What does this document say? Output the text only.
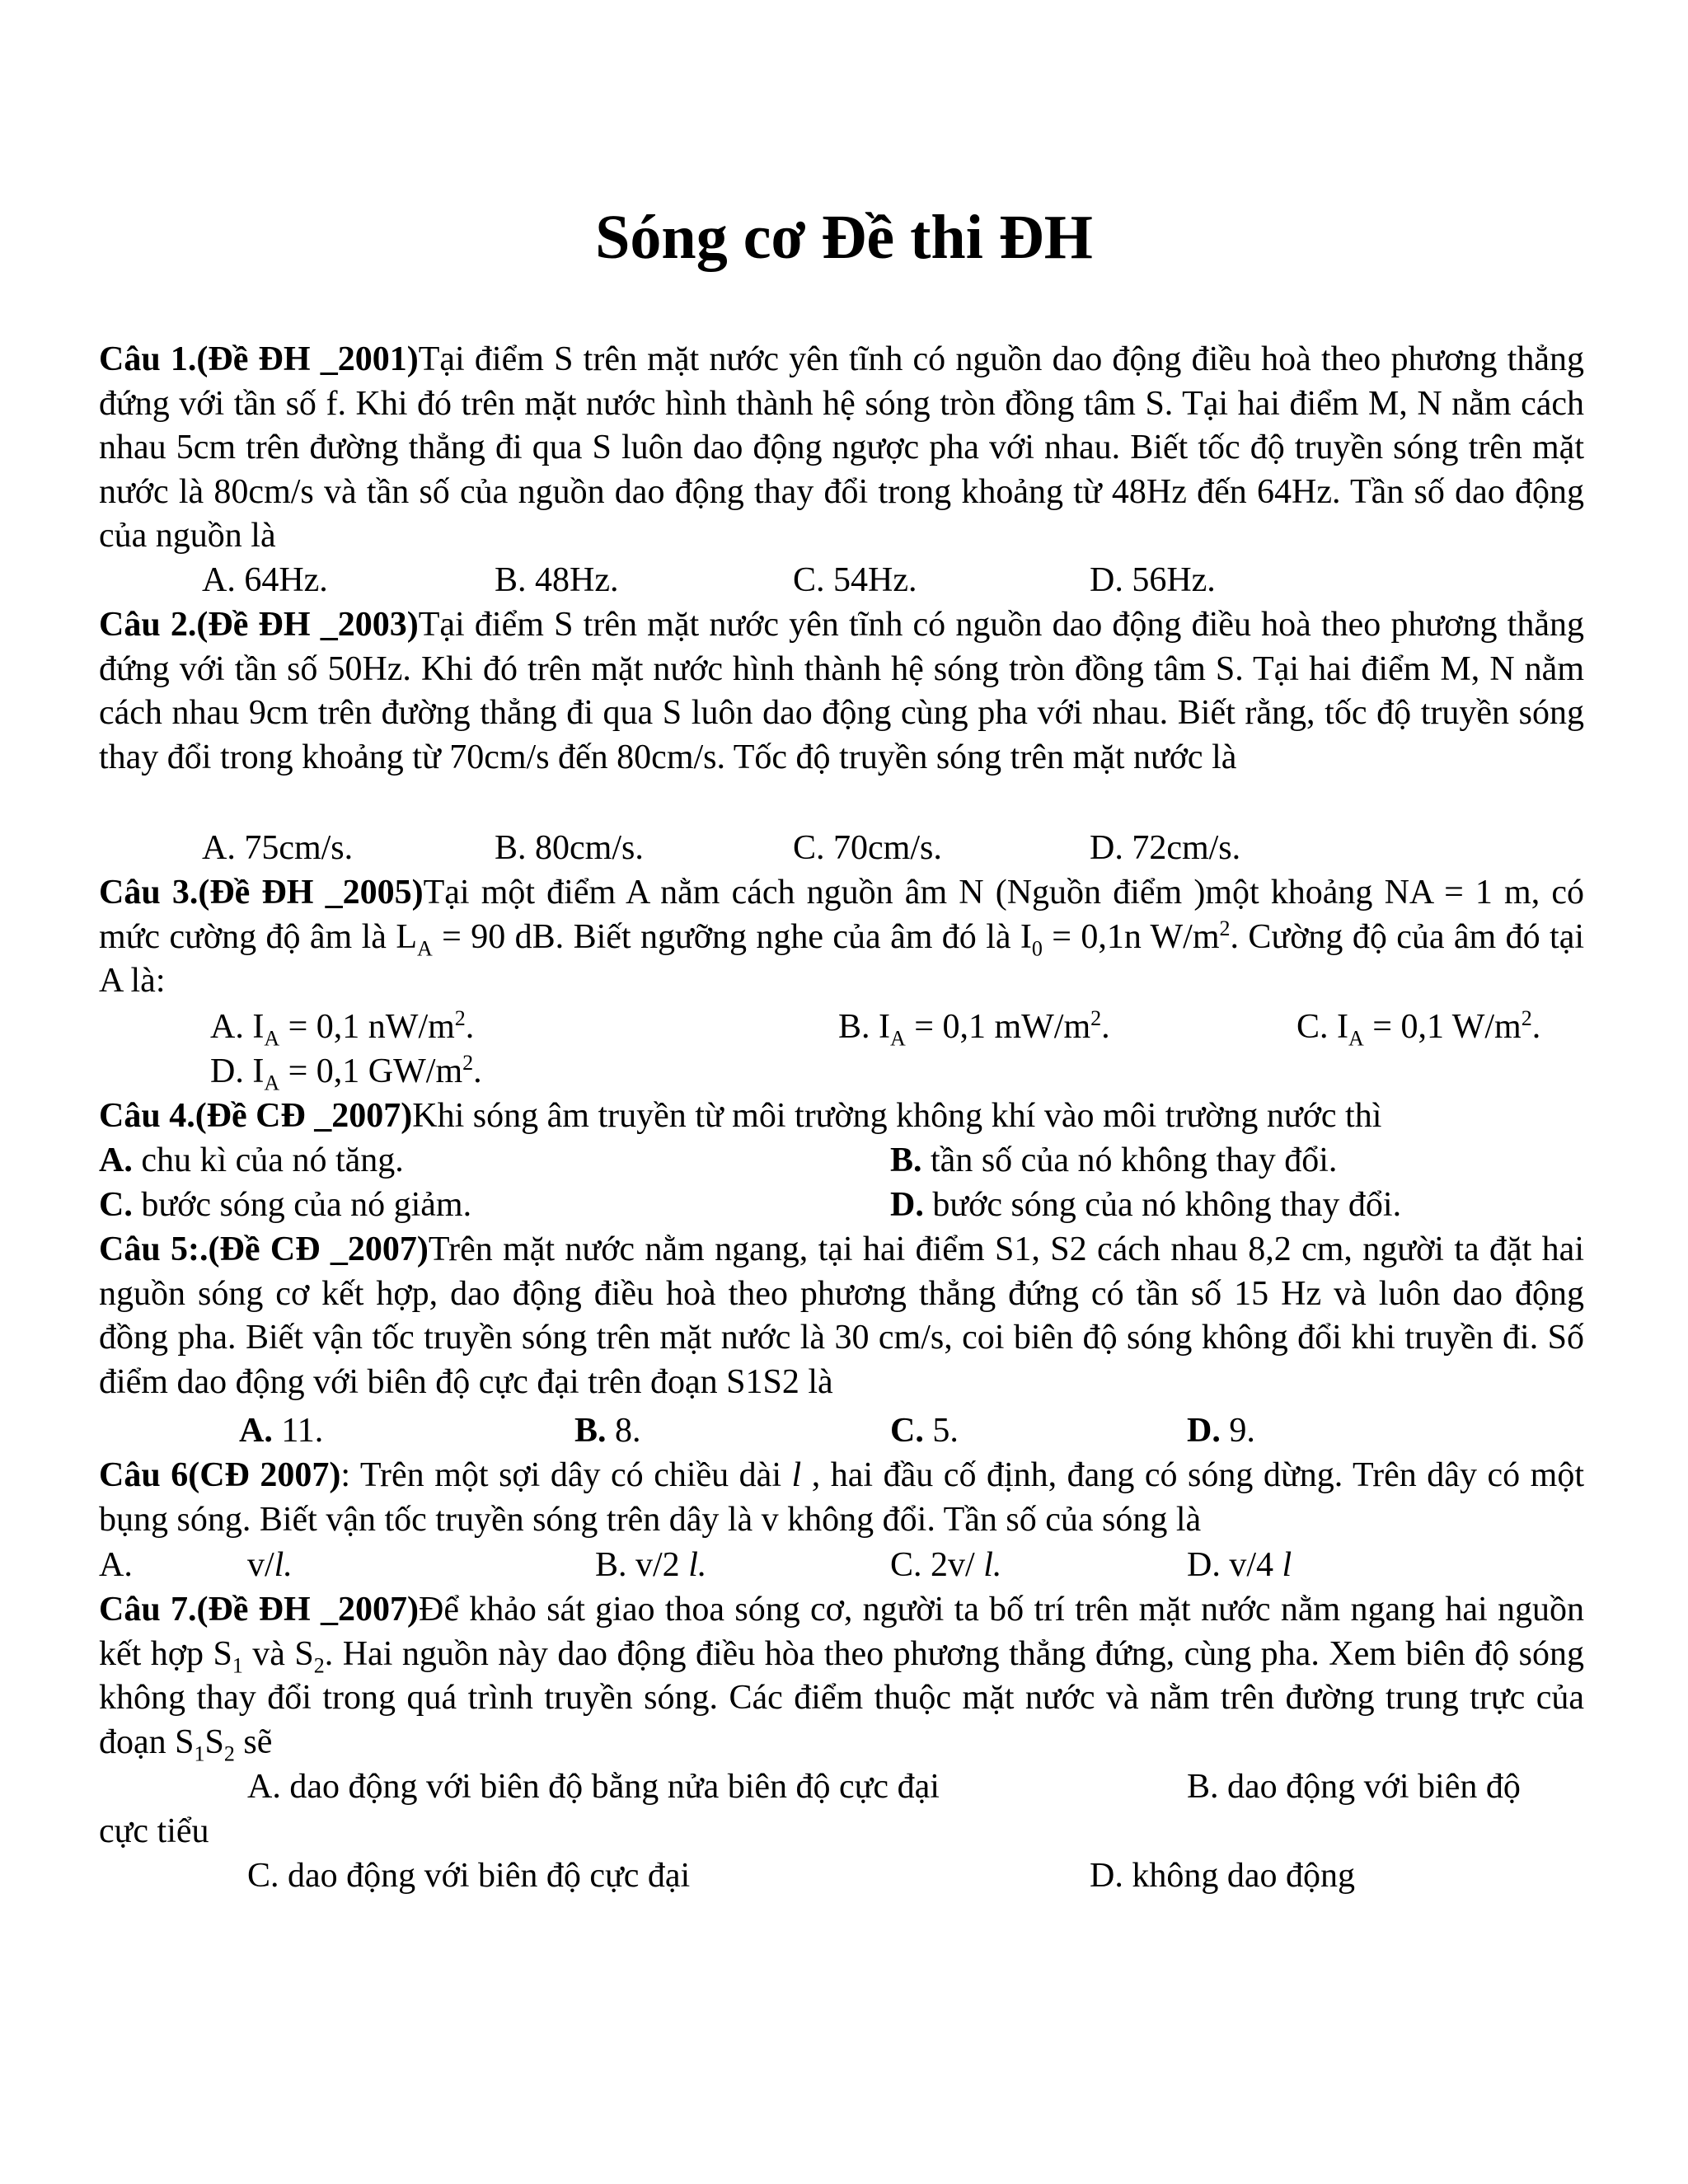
Sóng cơ Đề thi ĐH
Câu 1.(Đề ĐH _2001)Tại điểm S trên mặt nước yên tĩnh có nguồn dao động điều hoà theo phương thẳng đứng với tần số f. Khi đó trên mặt nước hình thành hệ sóng tròn đồng tâm S. Tại hai điểm M, N nằm cách nhau 5cm trên đường thẳng đi qua S luôn dao động ngược pha với nhau. Biết tốc độ truyền sóng trên mặt nước là 80cm/s và tần số của nguồn dao động thay đổi trong khoảng từ 48Hz đến 64Hz. Tần số dao động của nguồn là
A. 64Hz.	B. 48Hz.	C. 54Hz.	D. 56Hz.
Câu 2.(Đề ĐH _2003)Tại điểm S trên mặt nước yên tĩnh có nguồn dao động điều hoà theo phương thẳng đứng với tần số 50Hz. Khi đó trên mặt nước hình thành hệ sóng tròn đồng tâm S. Tại hai điểm M, N nằm cách nhau 9cm trên đường thẳng đi qua S luôn dao động cùng pha với nhau. Biết rằng, tốc độ truyền sóng thay đổi trong khoảng từ 70cm/s đến 80cm/s. Tốc độ truyền sóng trên mặt nước là
A. 75cm/s.	B. 80cm/s.	C. 70cm/s.	D. 72cm/s.
Câu 3.(Đề ĐH _2005)Tại một điểm A nằm cách nguồn âm N (Nguồn điểm )một khoảng NA = 1 m, có mức cường độ âm là $L_A = 90$ dB. Biết ngưỡng nghe của âm đó là $I_0 = 0,1n$ $W/m^2$. Cường độ của âm đó tại A là:
A. $I_A = 0,1$ $nW/m^2$.	B. $I_A = 0,1$ $mW/m^2$.	C. $I_A = 0,1$ $W/m^2$.
D. $I_A = 0,1$ $GW/m^2$.
Câu 4.(Đề CĐ _2007)Khi sóng âm truyền từ môi trường không khí vào môi trường nước thì
A. chu kì của nó tăng.	B. tần số của nó không thay đổi.
C. bước sóng của nó giảm.	D. bước sóng của nó không thay đổi.
Câu 5:.(Đề CĐ _2007)Trên mặt nước nằm ngang, tại hai điểm S1, S2 cách nhau 8,2 cm, người ta đặt hai nguồn sóng cơ kết hợp, dao động điều hoà theo phương thẳng đứng có tần số 15 Hz và luôn dao động đồng pha. Biết vận tốc truyền sóng trên mặt nước là 30 cm/s, coi biên độ sóng không đổi khi truyền đi. Số điểm dao động với biên độ cực đại trên đoạn S1S2 là
A. 11.	B. 8.	C. 5.	D. 9.
Câu 6(CĐ 2007): Trên một sợi dây có chiều dài l , hai đầu cố định, đang có sóng dừng. Trên dây có một bụng sóng. Biết vận tốc truyền sóng trên dây là v không đổi. Tần số của sóng là
A.	v/l.	B. v/2 l.	C. 2v/ l.	D. v/4 l
Câu 7.(Đề ĐH _2007)Để khảo sát giao thoa sóng cơ, người ta bố trí trên mặt nước nằm ngang hai nguồn kết hợp $S_1$ và $S_2$. Hai nguồn này dao động điều hòa theo phương thẳng đứng, cùng pha. Xem biên độ sóng không thay đổi trong quá trình truyền sóng. Các điểm thuộc mặt nước và nằm trên đường trung trực của đoạn $S_1S_2$ sẽ
A. dao động với biên độ bằng nửa biên độ cực đại	B. dao động với biên độ
cực tiểu
C. dao động với biên độ cực đại	D. không dao động
